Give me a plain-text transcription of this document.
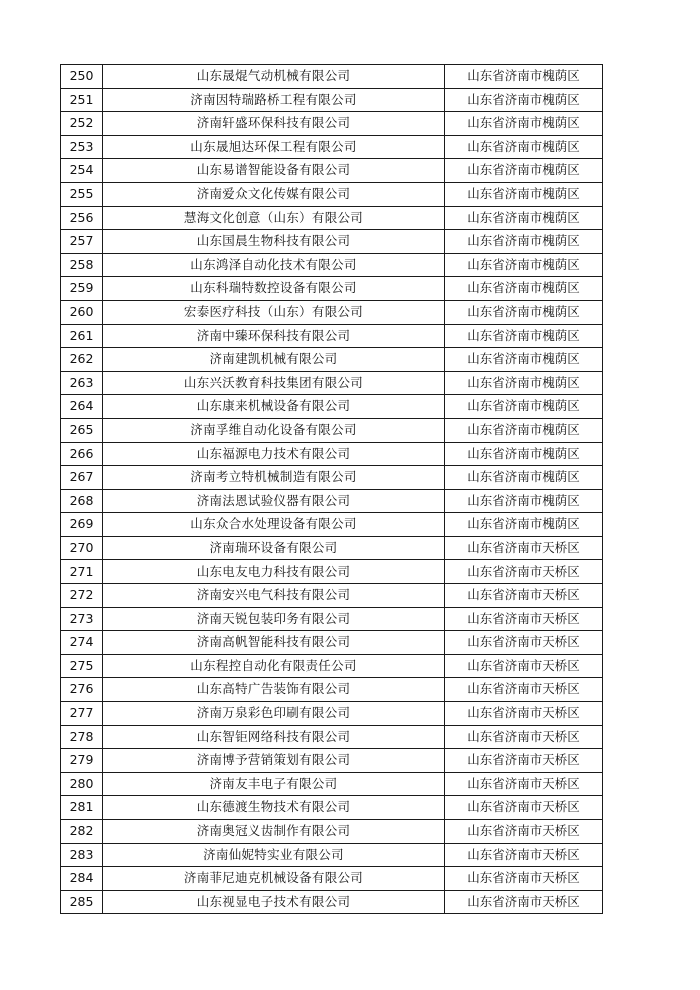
250	山东晟焜气动机械有限公司	山东省济南市槐荫区
251	济南因特瑞路桥工程有限公司	山东省济南市槐荫区
252	济南轩盛环保科技有限公司	山东省济南市槐荫区
253	山东晟旭达环保工程有限公司	山东省济南市槐荫区
254	山东易谱智能设备有限公司	山东省济南市槐荫区
255	济南爱众文化传媒有限公司	山东省济南市槐荫区
256	慧海文化创意（山东）有限公司	山东省济南市槐荫区
257	山东国晨生物科技有限公司	山东省济南市槐荫区
258	山东鸿泽自动化技术有限公司	山东省济南市槐荫区
259	山东科瑞特数控设备有限公司	山东省济南市槐荫区
260	宏泰医疗科技（山东）有限公司	山东省济南市槐荫区
261	济南中臻环保科技有限公司	山东省济南市槐荫区
262	济南建凯机械有限公司	山东省济南市槐荫区
263	山东兴沃教育科技集团有限公司	山东省济南市槐荫区
264	山东康来机械设备有限公司	山东省济南市槐荫区
265	济南孚维自动化设备有限公司	山东省济南市槐荫区
266	山东福源电力技术有限公司	山东省济南市槐荫区
267	济南考立特机械制造有限公司	山东省济南市槐荫区
268	济南法恩试验仪器有限公司	山东省济南市槐荫区
269	山东众合水处理设备有限公司	山东省济南市槐荫区
270	济南瑞环设备有限公司	山东省济南市天桥区
271	山东电友电力科技有限公司	山东省济南市天桥区
272	济南安兴电气科技有限公司	山东省济南市天桥区
273	济南天锐包装印务有限公司	山东省济南市天桥区
274	济南高帆智能科技有限公司	山东省济南市天桥区
275	山东程控自动化有限责任公司	山东省济南市天桥区
276	山东高特广告装饰有限公司	山东省济南市天桥区
277	济南万泉彩色印刷有限公司	山东省济南市天桥区
278	山东智钜网络科技有限公司	山东省济南市天桥区
279	济南博予营销策划有限公司	山东省济南市天桥区
280	济南友丰电子有限公司	山东省济南市天桥区
281	山东德渡生物技术有限公司	山东省济南市天桥区
282	济南奥冠义齿制作有限公司	山东省济南市天桥区
283	济南仙妮特实业有限公司	山东省济南市天桥区
284	济南菲尼迪克机械设备有限公司	山东省济南市天桥区
285	山东视显电子技术有限公司	山东省济南市天桥区
